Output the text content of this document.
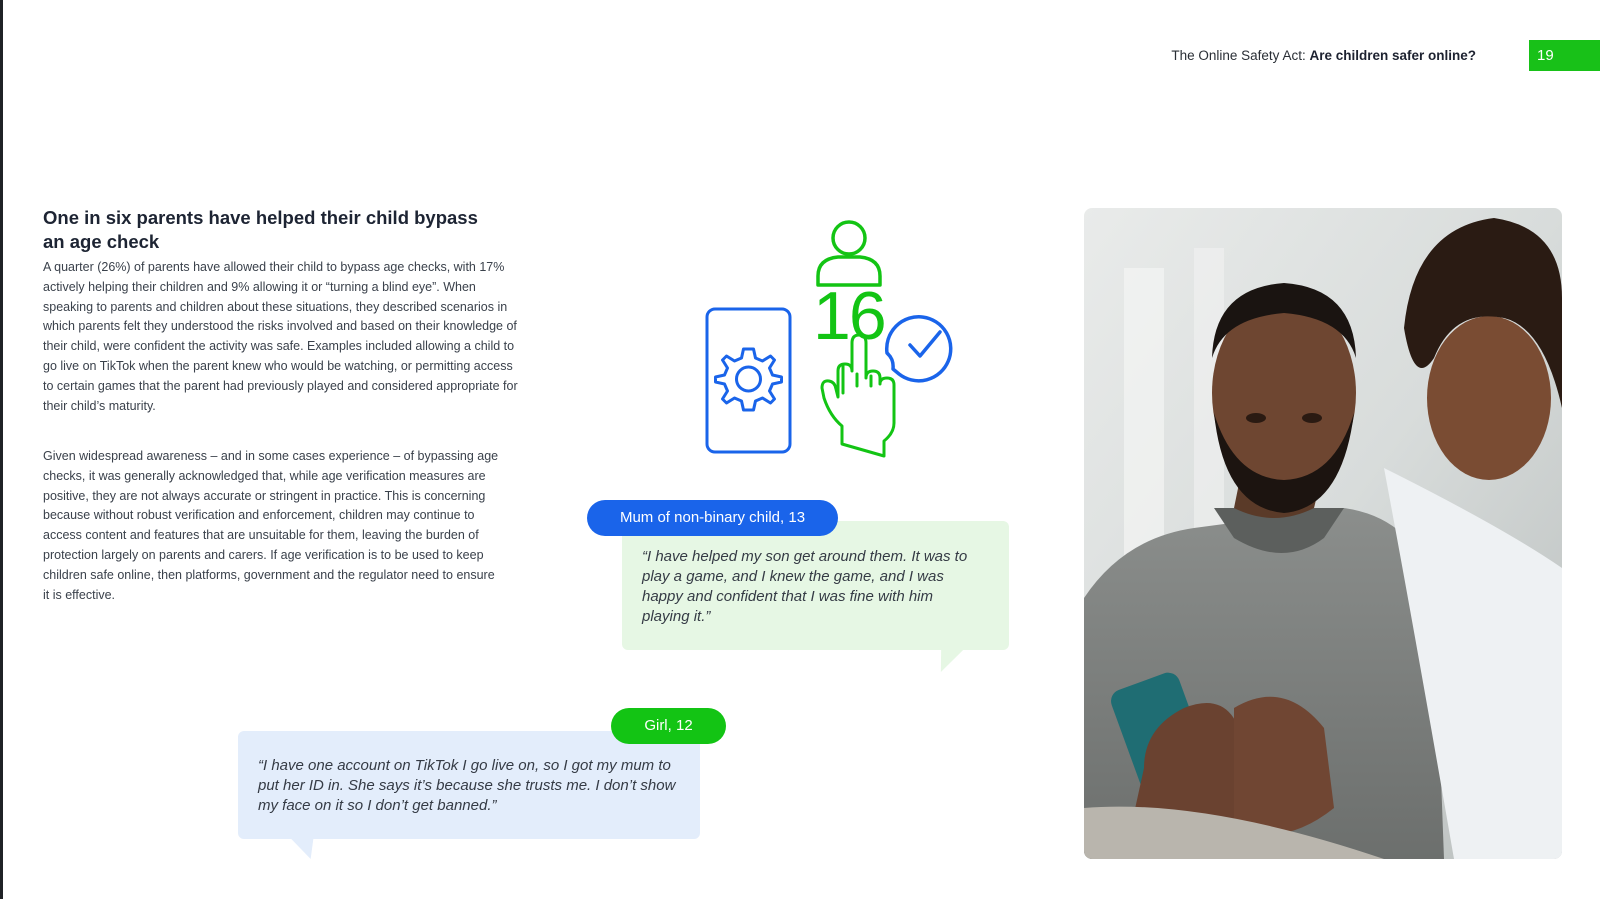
The Online Safety Act: Are children safer online?	19
One in six parents have helped their child bypass an age check

A quarter (26%) of parents have allowed their child to bypass age checks, with 17% actively helping their children and 9% allowing it or “turning a blind eye”. When speaking to parents and children about these situations, they described scenarios in which parents felt they understood the risks involved and based on their knowledge of their child, were confident the activity was safe. Examples included allowing a child to go live on TikTok when the parent knew who would be watching, or permitting access to certain games that the parent had previously played and considered appropriate for their child’s maturity.

Given widespread awareness – and in some cases experience – of bypassing age checks, it was generally acknowledged that, while age verification measures are positive, they are not always accurate or stringent in practice. This is concerning because without robust verification and enforcement, children may continue to access content and features that are unsuitable for them, leaving the burden of protection largely on parents and carers. If age verification is to be used to keep children safe online, then platforms, government and the regulator need to ensure it is effective.

16
“I have helped my son get around them. It was to play a game, and I knew the game, and I was happy and confident that I was fine with him playing it.”
Mum of non-binary child, 13
“I have one account on TikTok I go live on, so I got my mum to put her ID in. She says it’s because she trusts me. I don’t show my face on it so I don’t get banned.”
Girl, 12
